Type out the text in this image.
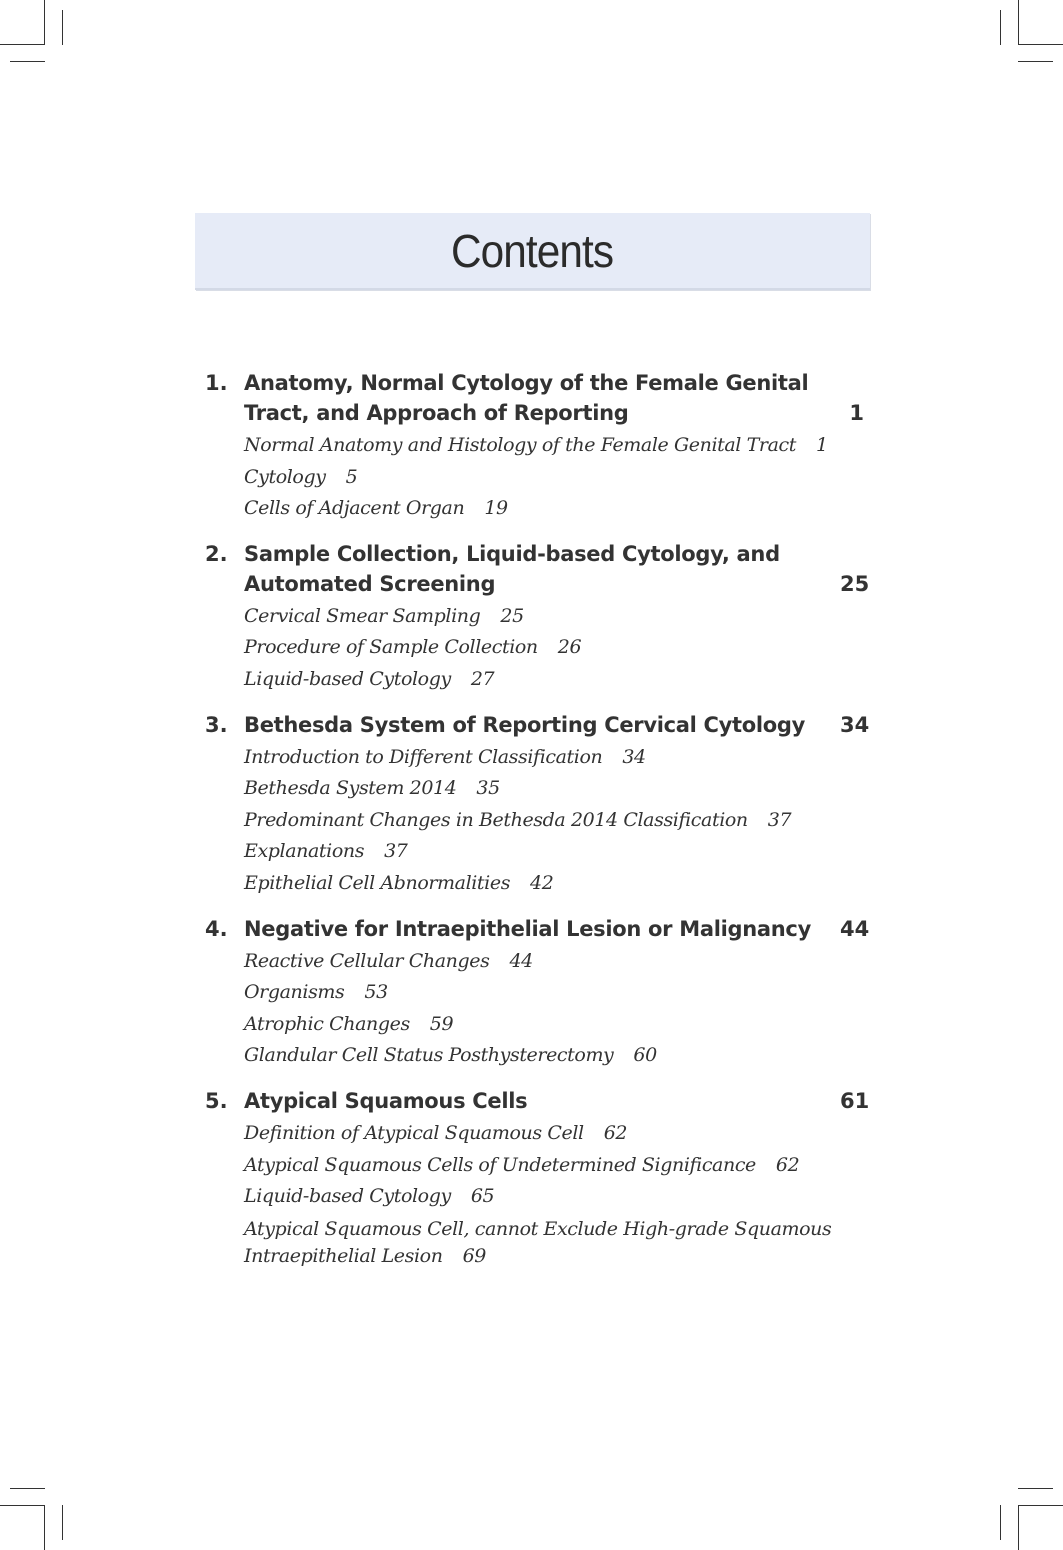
Contents
1. Anatomy, Normal Cytology of the Female Genital Tract, and Approach of Reporting	1
Normal Anatomy and Histology of the Female Genital Tract 1
Cytology 5
Cells of Adjacent Organ 19
2. Sample Collection, Liquid-based Cytology, and Automated Screening	25
Cervical Smear Sampling 25
Procedure of Sample Collection 26
Liquid-based Cytology 27
3. Bethesda System of Reporting Cervical Cytology	34
Introduction to Different Classification 34
Bethesda System 2014 35
Predominant Changes in Bethesda 2014 Classification 37
Explanations 37
Epithelial Cell Abnormalities 42
4. Negative for Intraepithelial Lesion or Malignancy	44
Reactive Cellular Changes 44
Organisms 53
Atrophic Changes 59
Glandular Cell Status Posthysterectomy 60
5. Atypical Squamous Cells	61
Definition of Atypical Squamous Cell 62
Atypical Squamous Cells of Undetermined Significance 62
Liquid-based Cytology 65
Atypical Squamous Cell, cannot Exclude High-grade Squamous Intraepithelial Lesion 69
